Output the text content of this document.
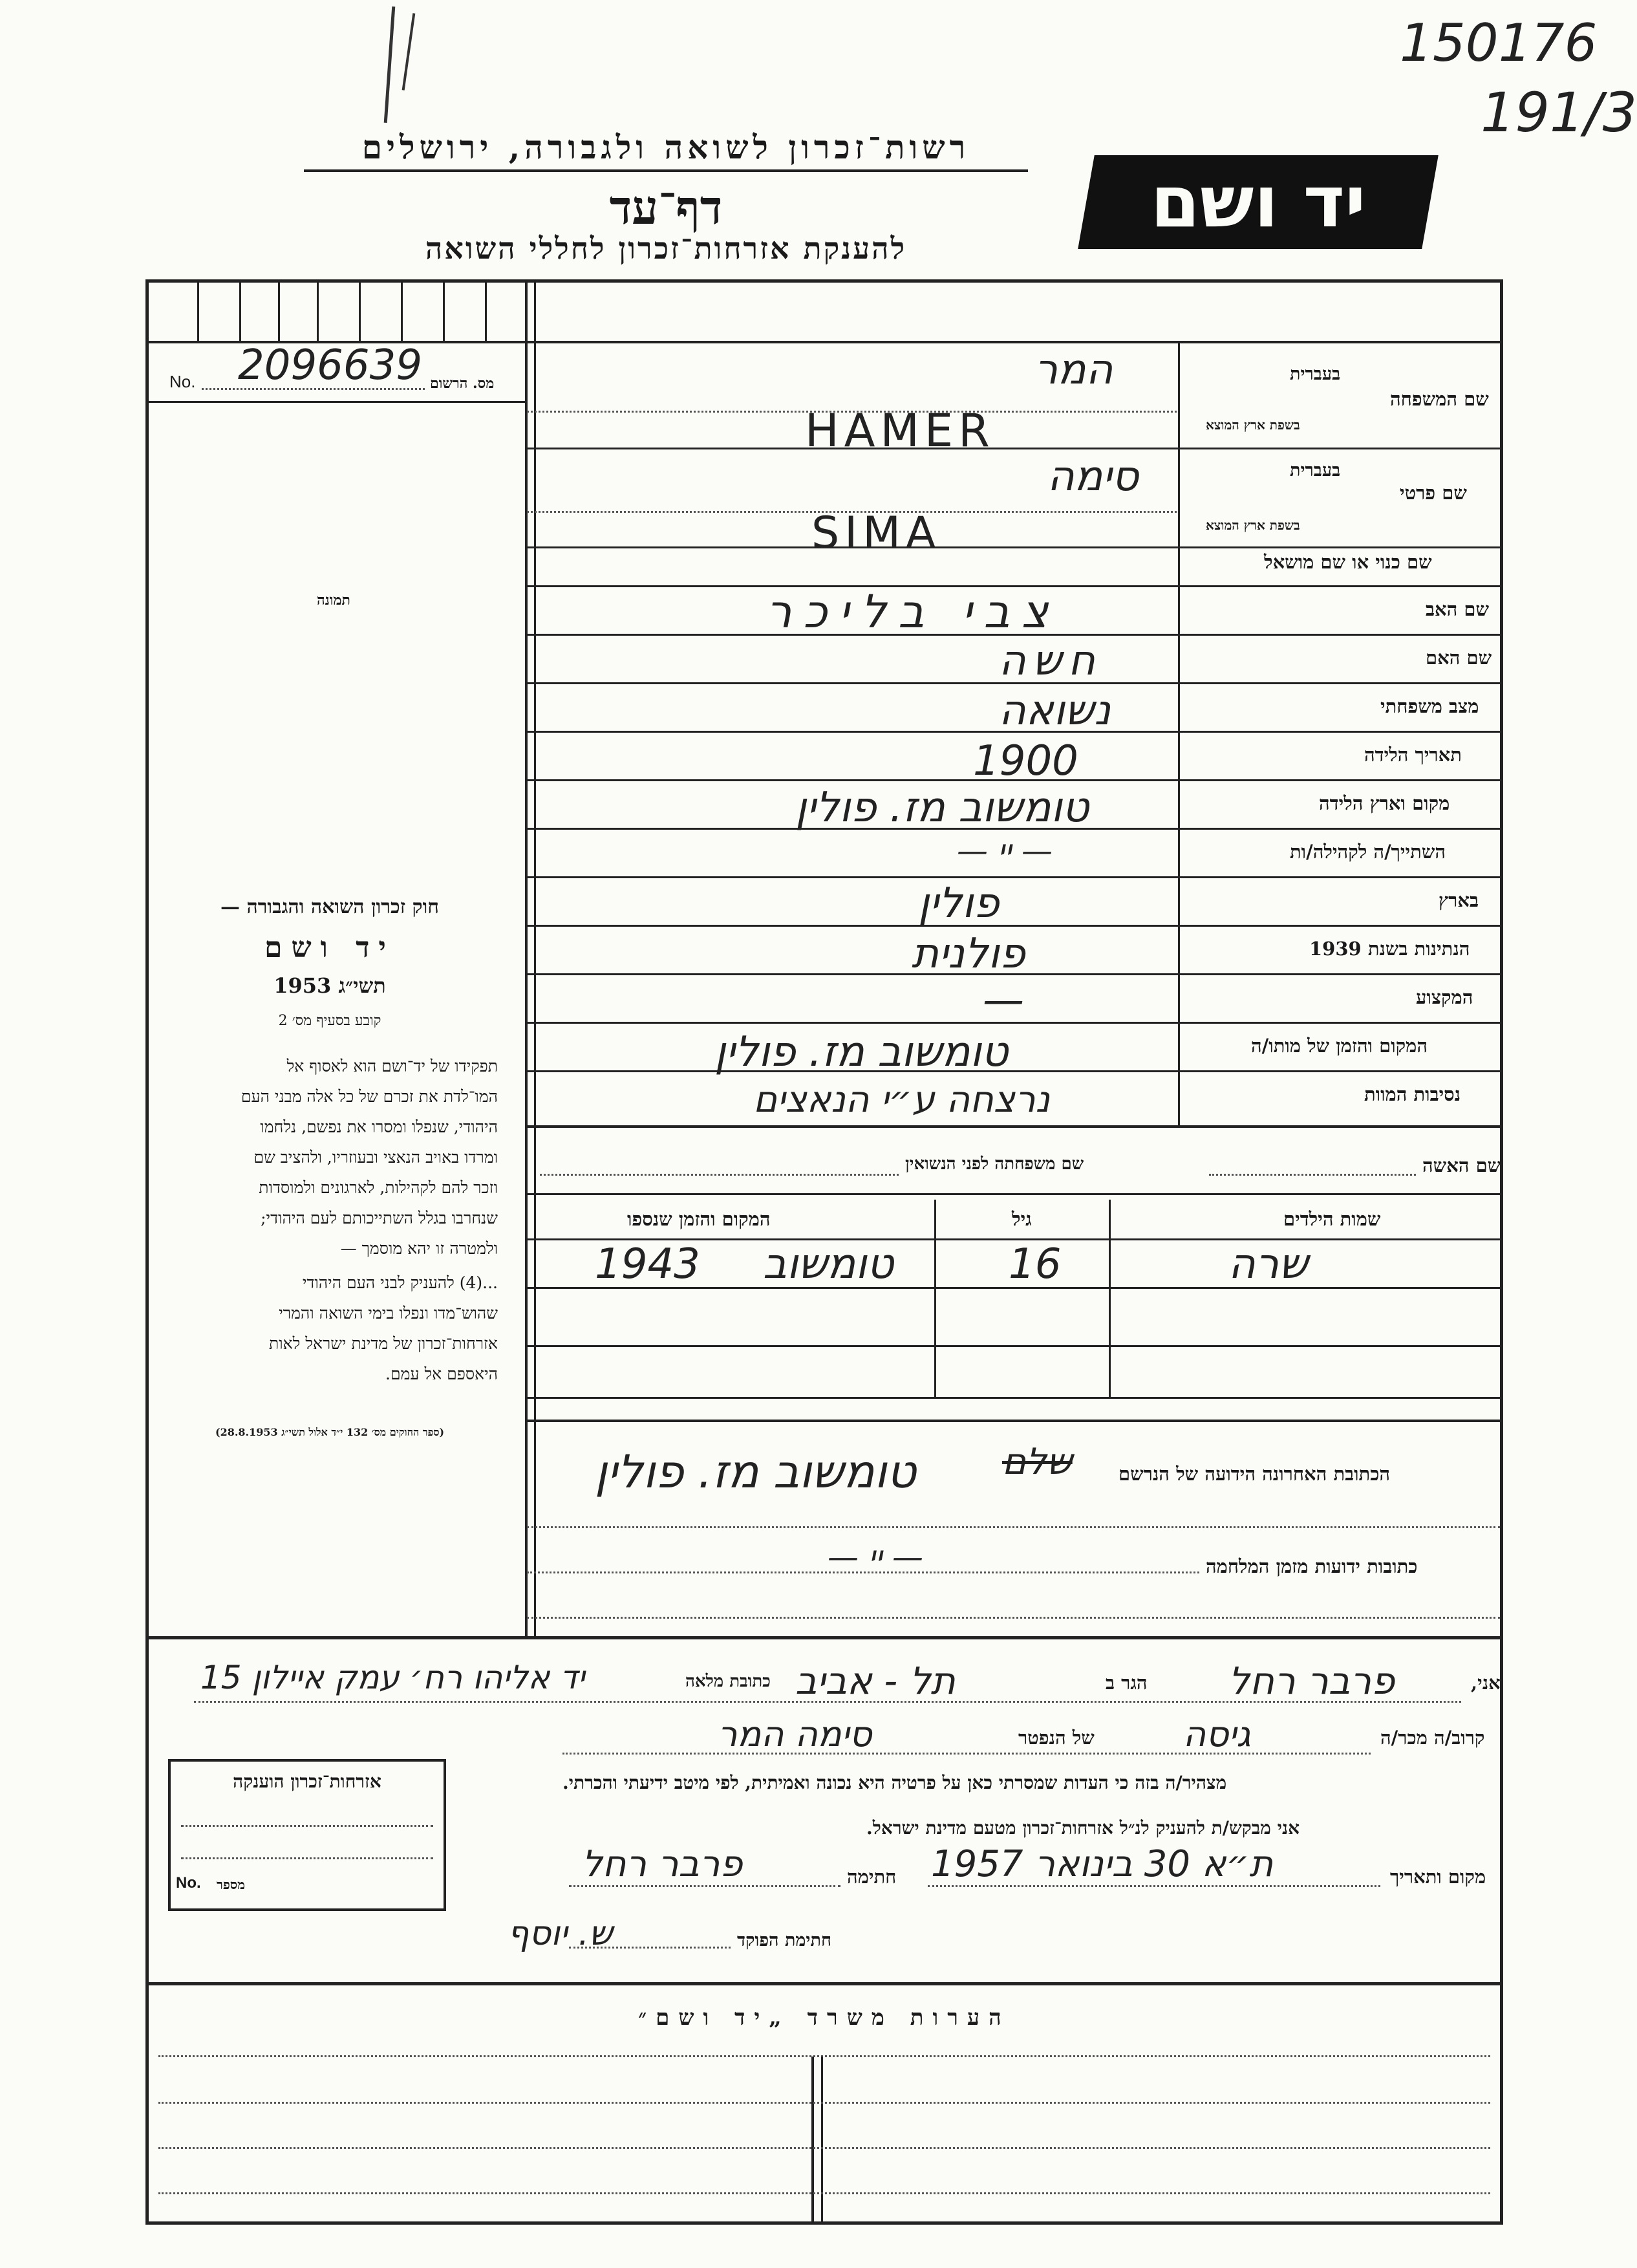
150176
191/3
רשות־זכרון לשואה ולגבורה, ירושלים
דף־עד
להענקת אזרחות־זכרון לחללי השואה
יד ושם
No. 2096639 מס. הרשום
תמונה
חוק זכרון השואה והגבורה —
יד ושם
תשי״ג 1953
קובע בסעיף מס׳ 2
תפקידו של יד־ושם הוא לאסוף אל המו־לדת את זכרם של כל אלה מבני העם היהודי, שנפלו ומסרו את נפשם, נלחמו ומרדו באויב הנאצי ובעוזריו, ולהציב שם וזכר להם לקהילות, לארגונים ולמוסדות שנחרבו בגלל השתייכותם לעם היהודי; ולמטרה זו יהא מוסמך —
...(4) להעניק לבני העם היהודי שהוש־מדו ונפלו בימי השואה והמרי אזרחות־זכרון של מדינת ישראל לאות היאספם אל עמם.
(ספר החוקים מס׳ 132 י״ד אלול תשי״ג 28.8.1953)
שם המשפחה
בעברית
בשפת ארץ המוצא
שם פרטי
בעברית
בשפת ארץ המוצא
שם כנוי או שם מושאל
שם האב
שם האם
מצב משפחתי
תאריך הלידה
מקום וארץ הלידה
השתייך/ה לקהילה/ות
בארץ
הנתינות בשנת 1939
המקצוע
המקום והזמן של מותו/ה
נסיבות המוות
המר
HAMER
סימה
SIMA
צבי בליכר
חשה
נשואה
1900
טומשוב מז. פולין
— יי —
פולין
פולנית
—
טומשוב מז. פולין
נרצחה ע״י הנאצים
שם האשה
שם משפחתה לפני הנשואין
שמות הילדים
גיל
המקום והזמן שנספו
שרה
16
טומשוב
1943
הכתובת האחרונה הידועה של הנרשם
שלם
טומשוב מז. פולין
כתובות ידועות מזמן המלחמה
— יי —
אני,
פרבר רחל
הגר ב
תל - אביב
כתובת מלאה
יד אליהו רח׳ עמק איילון 15
קרוב/ה מכר/ה
גיסה
של הנפטר
סימה המר
מצהיר/ה בזה כי העדות שמסרתי כאן על פרטיה היא נכונה ואמיתית, לפי מיטב ידיעתי והכרתי.
אני מבקש/ת להעניק לנ״ל אזרחות־זכרון מטעם מדינת ישראל.
מקום ותאריך
ת״א 30 בינואר 1957
חתימה
פרבר רחל
חתימת הפוקד
ש. יוסף
אזרחות־זכרון הוענקה
No. מספר
הערות משרד „יד ושם״
